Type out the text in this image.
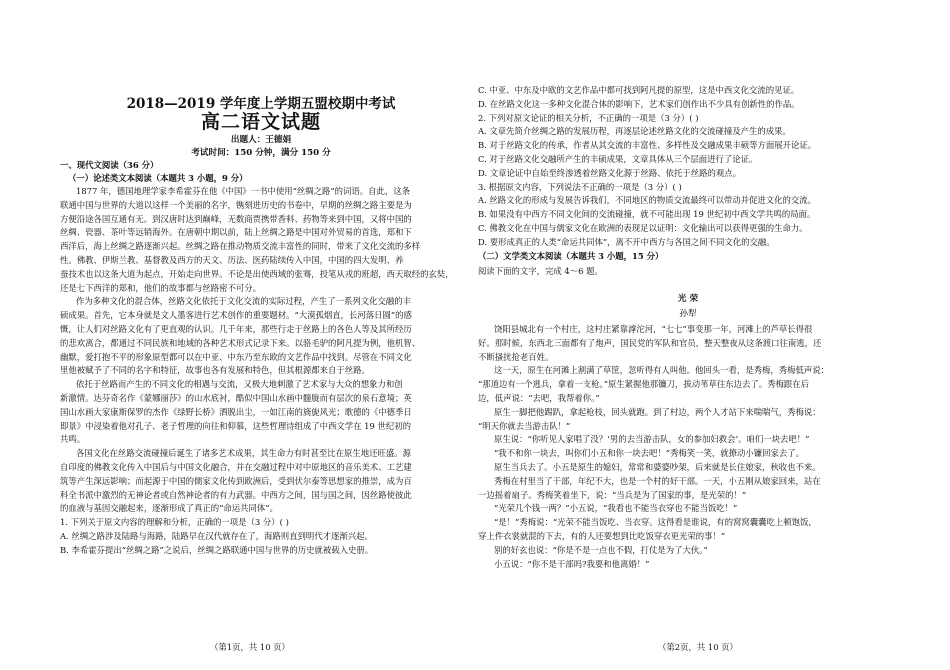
2018—2019 学年度上学期五盟校期中考试
高二语文试题
出题人：王德娟
考试时间：150 分钟，满分 150 分
一、现代文阅读（36 分）
（一）论述类文本阅读（本题共 3 小题，9 分）
1877 年，德国地理学家李希霍芬在他《中国》一书中使用“丝绸之路”的词语。自此，这条
联通中国与世界的大道以这样一个美丽的名字，镌刻进历史的书卷中，早期的丝绸之路主要是为
方便沿途各国互通有无。到汉唐时达到巅峰，无数商贾携带香料、药物等来到中国，又将中国的
丝绸、瓷器、茶叶等远销海外。在唐朝中期以前，陆上丝绸之路是中国对外贸易的首选，郑和下
西洋后，海上丝绸之路逐渐兴起。丝绸之路在推动物质交流丰富性的同时，带来了文化交流的多样
性。佛教、伊斯兰教、基督教及西方的天文、历法、医药陆续传入中国，中国的四大发明、养
蚕技术也以这条大道为起点，开始走向世界。不论是出使西域的张骞，投笔从戎的班超，西天取经的玄奘，
还是七下西洋的郑和，他们的故事都与丝路密不可分。
作为多种文化的混合体，丝路文化依托于文化交流的实际过程，产生了一系列文化交融的丰
硕成果。首先，它本身就是文人墨客进行艺术创作的重要题材。“大漠孤烟直，长河落日圆”的感
慨，让人们对丝路文化有了更直观的认识。几千年来，那些行走于丝路上的各色人等及其所经历
的悲欢离合，都通过不同民族和地域的各种艺术形式记录下来。以骆毛驴的阿凡提为例，他机智、
幽默，爱打抱不平的形象原型都可以在中亚、中东乃至东欧的文艺作品中找到。尽管在不同文化
里他被赋予了不同的名字和特征，故事也各有发展和特色，但其根源都来自于丝路。
依托于丝路而产生的不同文化的相遇与交流，又极大地刺激了艺术家与大众的想象力和创
新激情。达芬奇名作《蒙娜丽莎》的山水底衬，酷似中国山水画中髓胧而有层次的泉石意境；英
国山水画大家康斯保罗的杰作《绿野长桥》洒脱出尘，一如江南的旖旎风光；歌德的《中德季日
即景》中浸染着他对孔子、老子哲理的向往和仰慕，这些哲理诗组成了中西文学在 19 世纪初的
共鸣。
各国文化在丝路交流碰撞后诞生了诸多艺术成果，其生命力有时甚至比在原生地还旺盛。源
自印度的佛教文化传入中国后与中国文化融合，并在交融过程中对中原地区的音乐美术、工艺建
筑等产生深远影响；而起源于中国的儒家文化传到欧洲后，受到伏尔泰等思想家的推崇，成为百
科全书派中激烈的无神论者或自然神论者的有力武器。中西方之间，国与国之间，因丝路使彼此
的血液与基因交融起来，逐渐形成了真正的“命运共同体”。
1. 下列关于原文内容的理解和分析，正确的一项是（3 分）( )
A. 丝绸之路涉及陆路与海路，陆路早在汉代就存在了，海路则直到明代才逐渐兴起。
B. 李希霍芬提出“丝绸之路”之说后，丝绸之路联通中国与世界的历史就被载入史册。
（第1页，共 10 页）
C. 中亚、中东及中欧的文艺作品中都可找到阿凡提的原型，这是中西文化交流的见证。
D. 在丝路文化这一多种文化混合体的影响下，艺术家们创作出不少具有创新性的作品。
2. 下列对原文论证的相关分析，不正确的一项是（3 分）( )
A. 文章先简介丝绸之路的发展历程，再逐层论述丝路文化的交流碰撞及产生的成果。
B. 对于丝路文化的传承，作者从其交流的丰富性、多样性及交融成果丰硕等方面展开论证。
C. 对于丝路文化交融所产生的丰硕成果，文章具体从三个层面进行了论证。
D. 文章论证中自始至终渗透着丝路文化源于丝路、依托于丝路的观点。
3. 根据原文内容，下列说法不正确的一项是（3 分）( )
A. 丝路文化的形成与发展告诉我们，不同地区的物质交流最终可以带动并促进文化的交流。
B. 如果没有中西方不同文化间的交流碰撞，就不可能出现 19 世纪初中西文学共鸣的局面。
C. 佛教文化在中国与儒家文化在欧洲的表现足以证明：文化输出可以获得更强的生命力。
D. 要形成真正的人类“命运共同体”，离不开中西方与各国之间不同文化的交融。
（二）文学类文本阅读（本题共 3 小题，15 分）
阅读下面的文字，完成 4～6 题。
光 荣
孙犁
饶阳县城北有一个村庄，这村庄紧靠滹沱河，“七七”事变那一年，河滩上的芦草长得很
好。那时候，东西北三面都有了炮声，国民党的军队和官员，整天整夜从这条渡口往南逃，还
不断搔扰抢老百姓。
这一天，原生在河滩上割满了草筐，忽听得有人叫他。他回头一看，是秀梅，秀梅低声说：
“那道边有一个逃兵，拿着一支枪。”原生紧握他那镰刀，拔动苇草往东边去了。秀梅跟在后
边，低声说：“去吧，我帮着你。”
原生一脚把他踢趴，拿起枪枝，回头就跑。到了村边，两个人才站下来喘喘气，秀梅说：
“明天你就去当游击队！”
原生说：“你听见人家唱了没？‘男的去当游击队，女的参加妇救会’。咱们一块去吧！”
“我不和你一块去，叫你们小五和你一块去吧！”秀梅笑一笑，就撩动小镰回家去了。
原生当兵去了。小五是原生的媳妇，常常和婆婆吵架，后来就是长住娘家，秋收也不来。
秀梅在村里当了干部，年纪不大，也是一个村的好干部。一天，小五刚从娘家回来，站在
一边摇着扇子。秀梅笑着坐下，说：“当兵是为了国家的事，是光荣的！”
“光荣几个钱一两？”小五说，“我看也不能当衣穿也不能当饭吃！”
“是！”秀梅说：“光荣不能当饭吃、当衣穿。这得看是谁说，有的窝窝囊囊吃上顿饱饭，
穿上件衣裳就混的下去，有的人还要想到比吃饭穿衣更光荣的事！”
别的好玄也说：“你是不是一点也不假，打仗是为了大伙。”
小五说：“你不是干部吗?我要和他离婚！”
（第2页，共 10 页）
